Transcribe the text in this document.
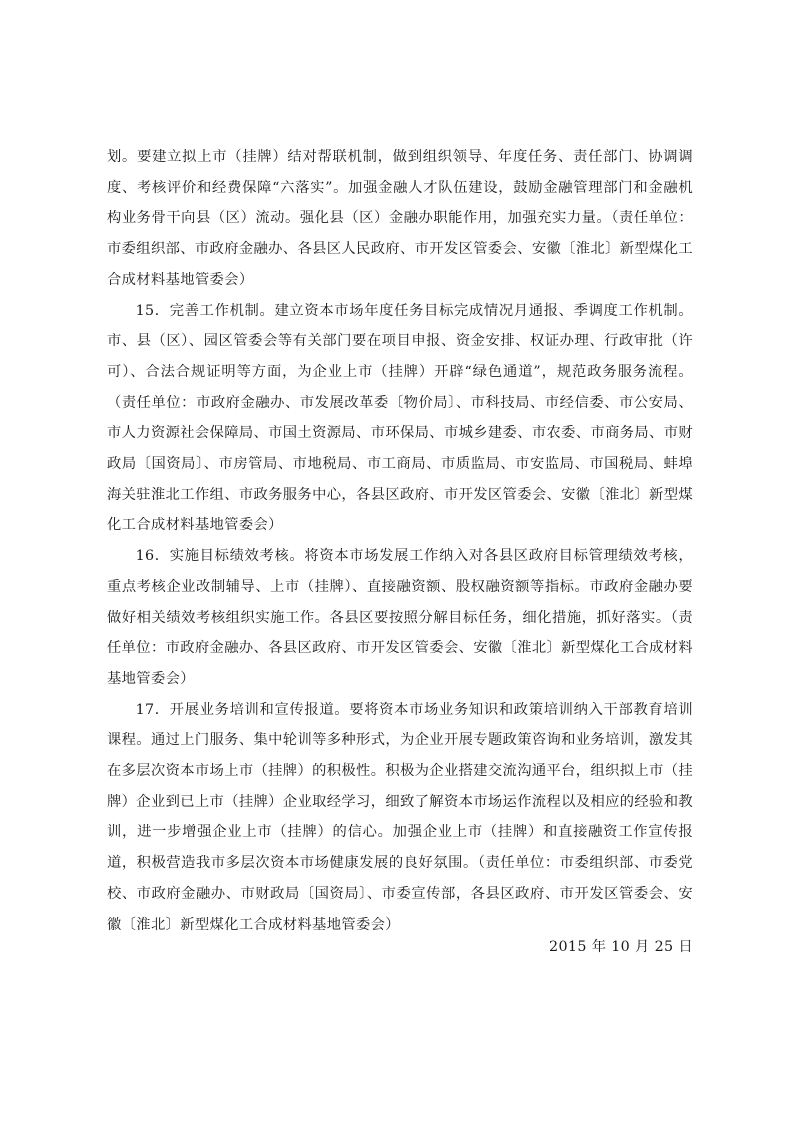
划。要建立拟上市（挂牌）结对帮联机制，做到组织领导、年度任务、责任部门、协调调度、考核评价和经费保障“六落实”。加强金融人才队伍建设，鼓励金融管理部门和金融机构业务骨干向县（区）流动。强化县（区）金融办职能作用，加强充实力量。（责任单位：市委组织部、市政府金融办、各县区人民政府、市开发区管委会、安徽〔淮北〕新型煤化工合成材料基地管委会）

15．完善工作机制。建立资本市场年度任务目标完成情况月通报、季调度工作机制。市、县（区）、园区管委会等有关部门要在项目申报、资金安排、权证办理、行政审批（许可）、合法合规证明等方面，为企业上市（挂牌）开辟“绿色通道”，规范政务服务流程。（责任单位：市政府金融办、市发展改革委〔物价局〕、市科技局、市经信委、市公安局、市人力资源社会保障局、市国土资源局、市环保局、市城乡建委、市农委、市商务局、市财政局〔国资局〕、市房管局、市地税局、市工商局、市质监局、市安监局、市国税局、蚌埠海关驻淮北工作组、市政务服务中心，各县区政府、市开发区管委会、安徽〔淮北〕新型煤化工合成材料基地管委会）

16．实施目标绩效考核。将资本市场发展工作纳入对各县区政府目标管理绩效考核，重点考核企业改制辅导、上市（挂牌）、直接融资额、股权融资额等指标。市政府金融办要做好相关绩效考核组织实施工作。各县区要按照分解目标任务，细化措施，抓好落实。（责任单位：市政府金融办、各县区政府、市开发区管委会、安徽〔淮北〕新型煤化工合成材料基地管委会）

17．开展业务培训和宣传报道。要将资本市场业务知识和政策培训纳入干部教育培训课程。通过上门服务、集中轮训等多种形式，为企业开展专题政策咨询和业务培训，激发其在多层次资本市场上市（挂牌）的积极性。积极为企业搭建交流沟通平台，组织拟上市（挂牌）企业到已上市（挂牌）企业取经学习，细致了解资本市场运作流程以及相应的经验和教训，进一步增强企业上市（挂牌）的信心。加强企业上市（挂牌）和直接融资工作宣传报道，积极营造我市多层次资本市场健康发展的良好氛围。（责任单位：市委组织部、市委党校、市政府金融办、市财政局〔国资局〕、市委宣传部，各县区政府、市开发区管委会、安徽〔淮北〕新型煤化工合成材料基地管委会）

2015 年 10 月 25 日
